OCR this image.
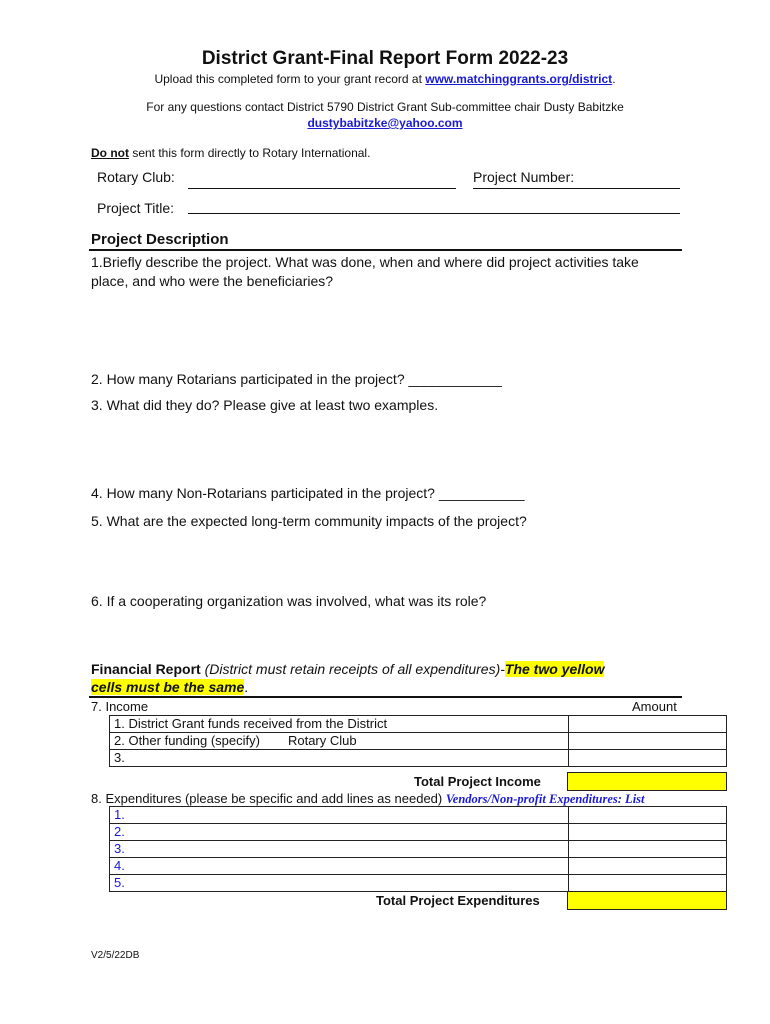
District Grant-Final Report Form 2022-23
Upload this completed form to your grant record at www.matchinggrants.org/district.
For any questions contact District 5790 District Grant Sub-committee chair Dusty Babitzke
dustybabitzke@yahoo.com
Do not sent this form directly to Rotary International.
Rotary Club:	Project Number:
Project Title:
Project Description
1.Briefly describe the project. What was done, when and where did project activities take
place, and who were the beneficiaries?
2. How many Rotarians participated in the project? ____________
3. What did they do? Please give at least two examples.
4. How many Non-Rotarians participated in the project? ___________
5. What are the expected long-term community impacts of the project?
6. If a cooperating organization was involved, what was its role?
Financial Report (District must retain receipts of all expenditures)-The two yellow
cells must be the same.
7. Income	Amount
1. District Grant funds received from the District	
2. Other funding (specify) Rotary Club	
3.	
Total Project Income
8. Expenditures (please be specific and add lines as needed) Vendors/Non-profit Expenditures: List
1.	
2.	
3.	
4.	
5.	
Total Project Expenditures
V2/5/22DB
